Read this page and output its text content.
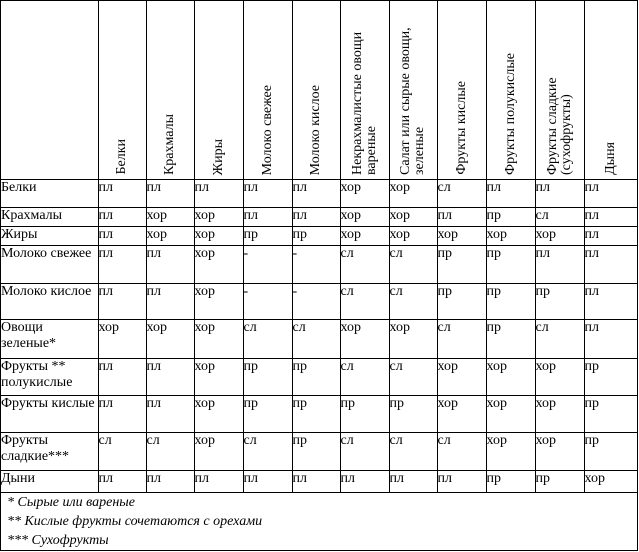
	Белки	Крахмалы	Жиры	Молоко свежее	Молоко кислое	Некрахмалистые овощи вареные	Салат или сырые овощи, зеленые	Фрукты кислые	Фрукты полукислые	Фрукты сладкие (сухофрукты)	Дыня

Белки	пл	пл	пл	пл	пл	хор	хор	сл	пл	пл	пл
Крахмалы	пл	хор	хор	пл	пл	хор	хор	пл	пр	сл	пл
Жиры	пл	хор	хор	пр	пр	хор	хор	хор	хор	хор	пл
Молоко свежее	пл	пл	хор	-	-	сл	сл	пр	пр	пл	пл
Молоко кислое	пл	пл	хор	-	-	сл	сл	пр	пр	пр	пл
Овощи зеленые*	хор	хор	хор	сл	сл	хор	хор	сл	пр	сл	пл
Фрукты ** полукислые	пл	пл	хор	пр	пр	сл	сл	хор	хор	хор	пр
Фрукты кислые	пл	пл	хор	пр	пр	пр	пр	хор	хор	хор	пр
Фрукты сладкие***	сл	сл	хор	сл	пр	сл	сл	сл	хор	хор	пр
Дыни	пл	пл	пл	пл	пл	пл	пл	пл	пр	пр	хор
* Сырые или вареные
** Кислые фрукты сочетаются с орехами
*** Сухофрукты
